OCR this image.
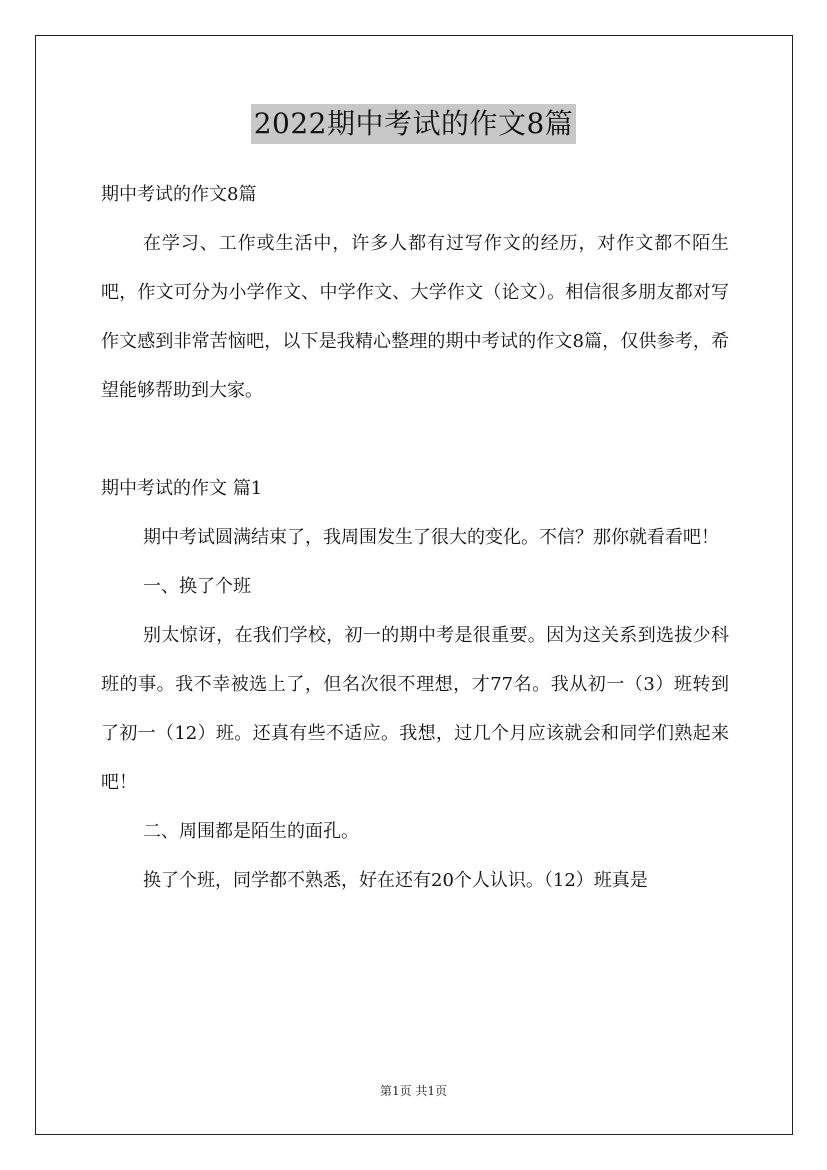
2022期中考试的作文8篇

期中考试的作文8篇

在学习、工作或生活中，许多人都有过写作文的经历，对作文都不陌生吧，作文可分为小学作文、中学作文、大学作文（论文）。相信很多朋友都对写作文感到非常苦恼吧，以下是我精心整理的期中考试的作文8篇，仅供参考，希望能够帮助到大家。

期中考试的作文 篇1

期中考试圆满结束了，我周围发生了很大的变化。不信？那你就看看吧！

一、换了个班

别太惊讶，在我们学校，初一的期中考是很重要。因为这关系到选拔少科班的事。我不幸被选上了，但名次很不理想，才77名。我从初一（3）班转到了初一（12）班。还真有些不适应。我想，过几个月应该就会和同学们熟起来吧！

二、周围都是陌生的面孔。

换了个班，同学都不熟悉，好在还有20个人认识。（12）班真是

第1页 共1页
